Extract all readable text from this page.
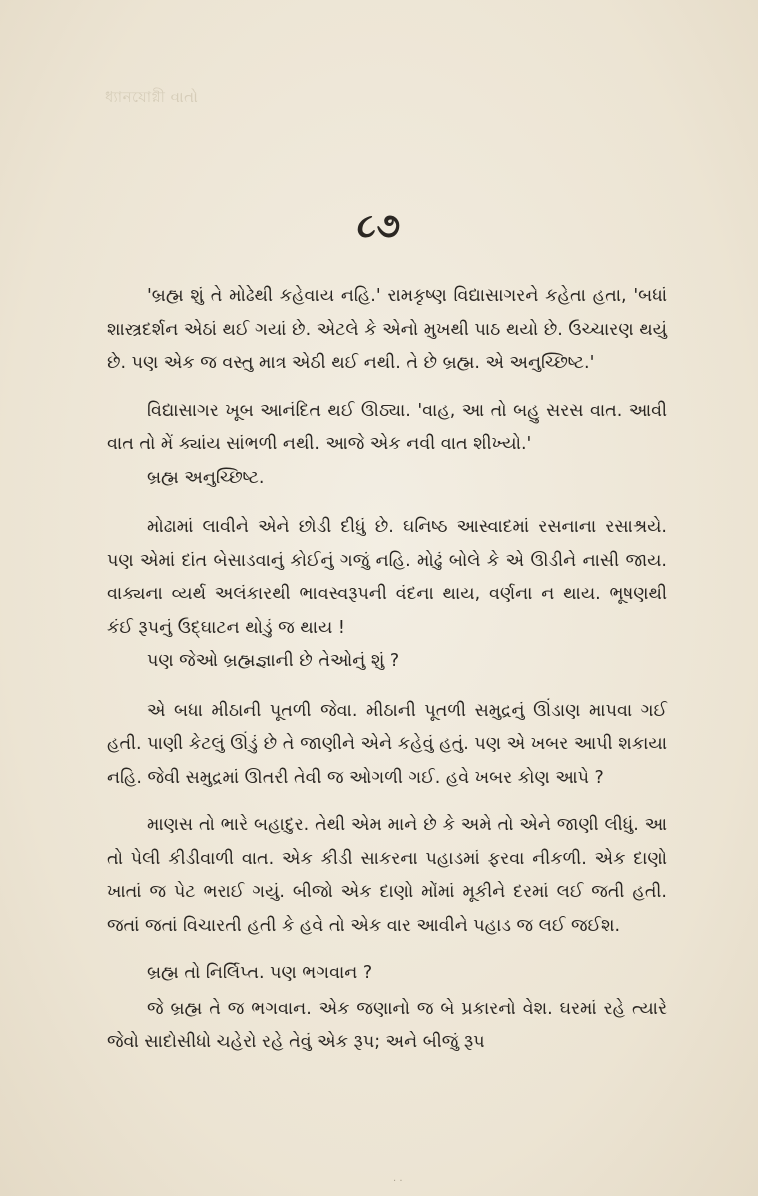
ধ্যানযোগ্নী વાતો
૮૭

'બ્રહ્મ શું તે મોઢેથી કહેવાય નહિ.' રામકૃષ્ણ વિદ્યાસાગરને કહેતા હતા, 'બધાં શાસ્ત્રદર્શન એઠાં થઈ ગયાં છે. એટલે કે એનો મુખથી પાઠ થયો છે. ઉચ્ચારણ થયું છે. પણ એક જ વસ્તુ માત્ર એઠી થઈ નથી. તે છે બ્રહ્મ. એ અનુચ્છિષ્ટ.'

વિદ્યાસાગર ખૂબ આનંદિત થઈ ઊઠ્યા. 'વાહ, આ તો બહુ સરસ વાત. આવી વાત તો મેં ક્યાંય સાંભળી નથી. આજે એક નવી વાત શીખ્યો.'

બ્રહ્મ અનુચ્છિષ્ટ.

મોઢામાં લાવીને એને છોડી દીધું છે. ઘનિષ્ઠ આસ્વાદમાં રસનાના રસાશ્રયે. પણ એમાં દાંત બેસાડવાનું કોઈનું ગજું નહિ. મોઢું બોલે કે એ ઊડીને નાસી જાય. વાક્યના વ્યર્થ અલંકારથી ભાવસ્વરૂપની વંદના થાય, વર્ણના ન થાય. ભૂષણથી કંઈ રૂપનું ઉદ્ઘાટન થોડું જ થાય !

પણ જેઓ બ્રહ્મજ્ઞાની છે તેઓનું શું ?

એ બધા મીઠાની પૂતળી જેવા. મીઠાની પૂતળી સમુદ્રનું ઊંડાણ માપવા ગઈ હતી. પાણી કેટલું ઊંડું છે તે જાણીને એને કહેવું હતું. પણ એ ખબર આપી શકાયા નહિ. જેવી સમુદ્રમાં ઊતરી તેવી જ ઓગળી ગઈ. હવે ખબર કોણ આપે ?

માણસ તો ભારે બહાદુર. તેથી એમ માને છે કે અમે તો એને જાણી લીધું. આ તો પેલી કીડીવાળી વાત. એક કીડી સાકરના પહાડમાં ફરવા નીકળી. એક દાણો ખાતાં જ પેટ ભરાઈ ગયું. બીજો એક દાણો મોંમાં મૂકીને દરમાં લઈ જતી હતી. જતાં જતાં વિચારતી હતી કે હવે તો એક વાર આવીને પહાડ જ લઈ જઈશ.

બ્રહ્મ તો નિર્લિપ્ત. પણ ભગવાન ?

જે બ્રહ્મ તે જ ભગવાન. એક જણાનો જ બે પ્રકારનો વેશ. ઘરમાં રહે ત્યારે જેવો સાદોસીધો ચહેરો રહે તેવું એક રૂપ; અને બીજું રૂપ

· ·
